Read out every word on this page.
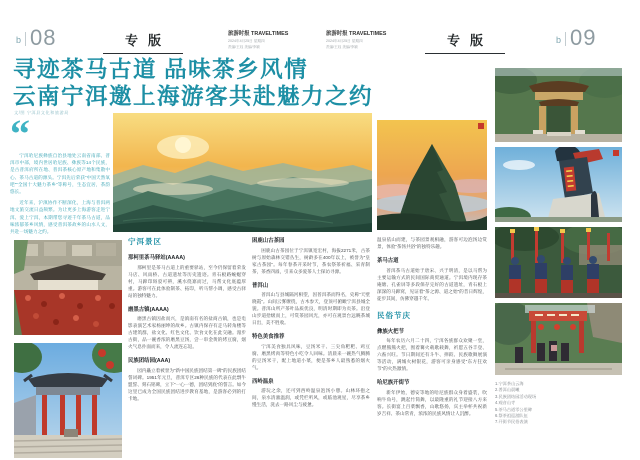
b 08	专版	旅游时报 TRAVELTIMES
2024年4月25日 星期四
责编/王珏 美编/李颖
旅游时报 TRAVELTIMES
2024年4月25日 星期四
责编/王珏 美编/李颖	专版	b 09
寻迹茶马古道 品味茶乡风情
云南宁洱邀上海游客共赴魅力之约
文/图 宁洱县文化和旅游局
“

宁洱哈尼族彝族自治县地处云南省南部、普洱市中部，境内世居哈尼族、彝族等14个民族，是古普洱府所在地、普洱茶核心原产地和集散中心、茶马古道的源头。宁洱先后荣获“中国天然氧吧”“全国十大魅力茶乡”等称号，生态宜居，茶韵悠长。

近年来，沪滇协作不断深化，上海与普洱两地文旅交流日益频繁。为让更多上海游客走进宁洱、爱上宁洱，本期带您寻迹千年茶马古道，品味浓郁茶乡风情，感受普洱茶故乡的山水人文，共赴一场魅力之约。

1.宁洱茶山云海
2.普洱山晨曦
3.民族团结园活动现场
4.观音山寺
5.茶马古道零公里碑
6.祭茶祖巡游队伍
7.开街节民俗表演
宁洱景区
那柯里茶马驿站(AAAA)

那柯里是茶马古道上的重要驿站，至今仍保留着荣发马店、风雨桥、古道遗址等历史遗迹。青石板路蜿蜒穿村，马蹄印斑驳可辨，溪水绕寨而过，马帮文化底蕴厚重。游客可在此体验制茶、拓印，听马帮小调，感受古驿站的独特魅力。

磨黑古镇(AAAA)

磨黑古镇因盐而兴，是滇南有名的盐商古镇，也是电影表演艺术家杨丽坤的故乡。古镇内保存有走马转角楼等古建筑群，盐文化、红色文化、饮食文化在此交融。漫步古街，品一碗香浓的磨黑豆汤，尝一串金黄的烤豆腐，烟火气息扑面而来，令人流连忘返。

民族团结园(AAA)

园内矗立着被誉为“新中国民族团结第一碑”的民族团结誓词碑。1951年元旦，普洱专区26种民族的代表在此剽牛盟誓、刻石铭碑，立下“一心一德，团结到底”的誓言。如今这里已成为全国民族团结进步教育基地，是游客必到的打卡地。

困鹿山古茶园

困鹿山古茶园位于宁洱镇宽宏村，海拔2271米，古茶树与原始森林交错丛生，树龄多在400年以上，被誉为“皇家古茶园”。每年春茶开采时节，茶农祭茶祈福、采青制茶，茶香四溢，引来众多爱茶人士探访寻源。

普洱山

普洱山与县城隔河相望，因普洱茶而得名，史称“天壁晓霞”。山间云雾缭绕，古木参天，登顶可俯瞰宁洱县城全貌。普洱山所产茶叶品质优良，明清时期即为贡茶。沿登山步道拾级而上，可赏茶园风光，亦可在观景台远眺茶城日出，美不胜收。

特色美食推荐

宁洱美食独具风味，豆汤米干、三尖角粑粑、鸡豆腐、磨黑烤肉等特色小吃令人回味。清晨来一碗热气腾腾的豆汤米干，配上地道小菜，便是茶乡人最熟悉的烟火气。

西岭温泉

游玩之余，还可到西岭温泉泡汤小憩。山林环抱之间，泉水清澈温润，或凭栏听风，或临池观星，尽享茶乡慢生活，洗去一路风尘与疲惫。

温泉依山而建，与茶园景观相融，游客可边泡汤边赏景，体验“茶汤共浴”的独特乐趣。

茶马古道

普洱茶马古道始于唐宋、兴于明清，是以马帮为主要运输方式的民间国际商贸通道。宁洱境内现存茶庵塘、孔雀屏等多段保存完好的古道遗址，青石板上深深的马蹄窝，见证着“茶之源、道之始”的昔日辉煌，徒步其间，仿佛穿越千年。

民俗节庆
彝族火把节

每年农历六月二十四，宁洱各族群众欢聚一堂，点燃熊熊火把，围着篝火载歌载舞，祈愿五谷丰登、六畜兴旺。节日期间还有斗牛、摔跤、民族歌舞展演等活动，满城火树银花，游客可亲身感受“东方狂欢节”的火热激情。

哈尼族开街节

新年伊始，德安等地的哈尼族群众身着盛装，吹响牛角号，跳起竹筒舞，以最隆重的礼节迎接八方来客。长街宴上百菜飘香，山歌悠扬，宾主举杯共祝新岁吉祥、茶山常青，浓浓的民族风情让人沉醉。
